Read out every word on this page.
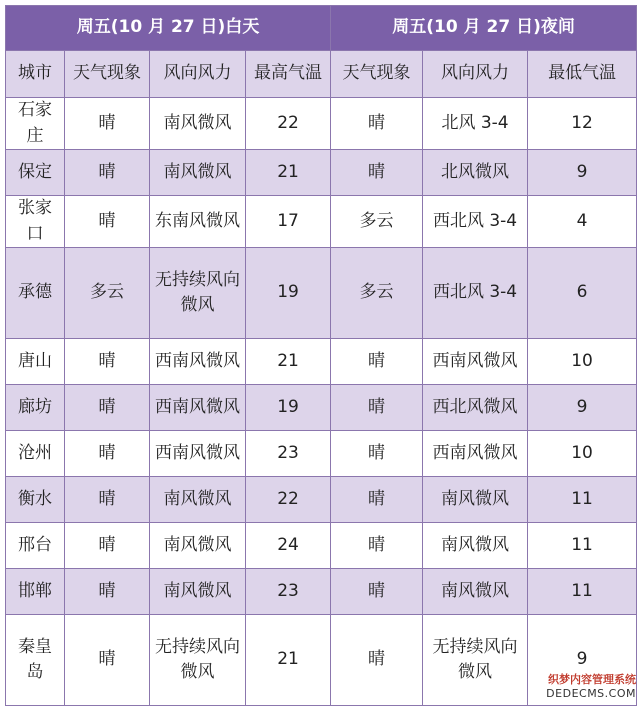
周五(10 月 27 日)白天				周五(10 月 27 日)夜间		
城市	天气现象	风向风力	最高气温	天气现象	风向风力	最低气温
石家庄	晴	南风微风	22	晴	北风 3-4	12
保定	晴	南风微风	21	晴	北风微风	9
张家口	晴	东南风微风	17	多云	西北风 3-4	4
承德	多云	无持续风向微风	19	多云	西北风 3-4	6
唐山	晴	西南风微风	21	晴	西南风微风	10
廊坊	晴	西南风微风	19	晴	西北风微风	9
沧州	晴	西南风微风	23	晴	西南风微风	10
衡水	晴	南风微风	22	晴	南风微风	11
邢台	晴	南风微风	24	晴	南风微风	11
邯郸	晴	南风微风	23	晴	南风微风	11
秦皇岛	晴	无持续风向微风	21	晴	无持续风向微风	9
织梦内容管理系统
DEDECMS.COM
